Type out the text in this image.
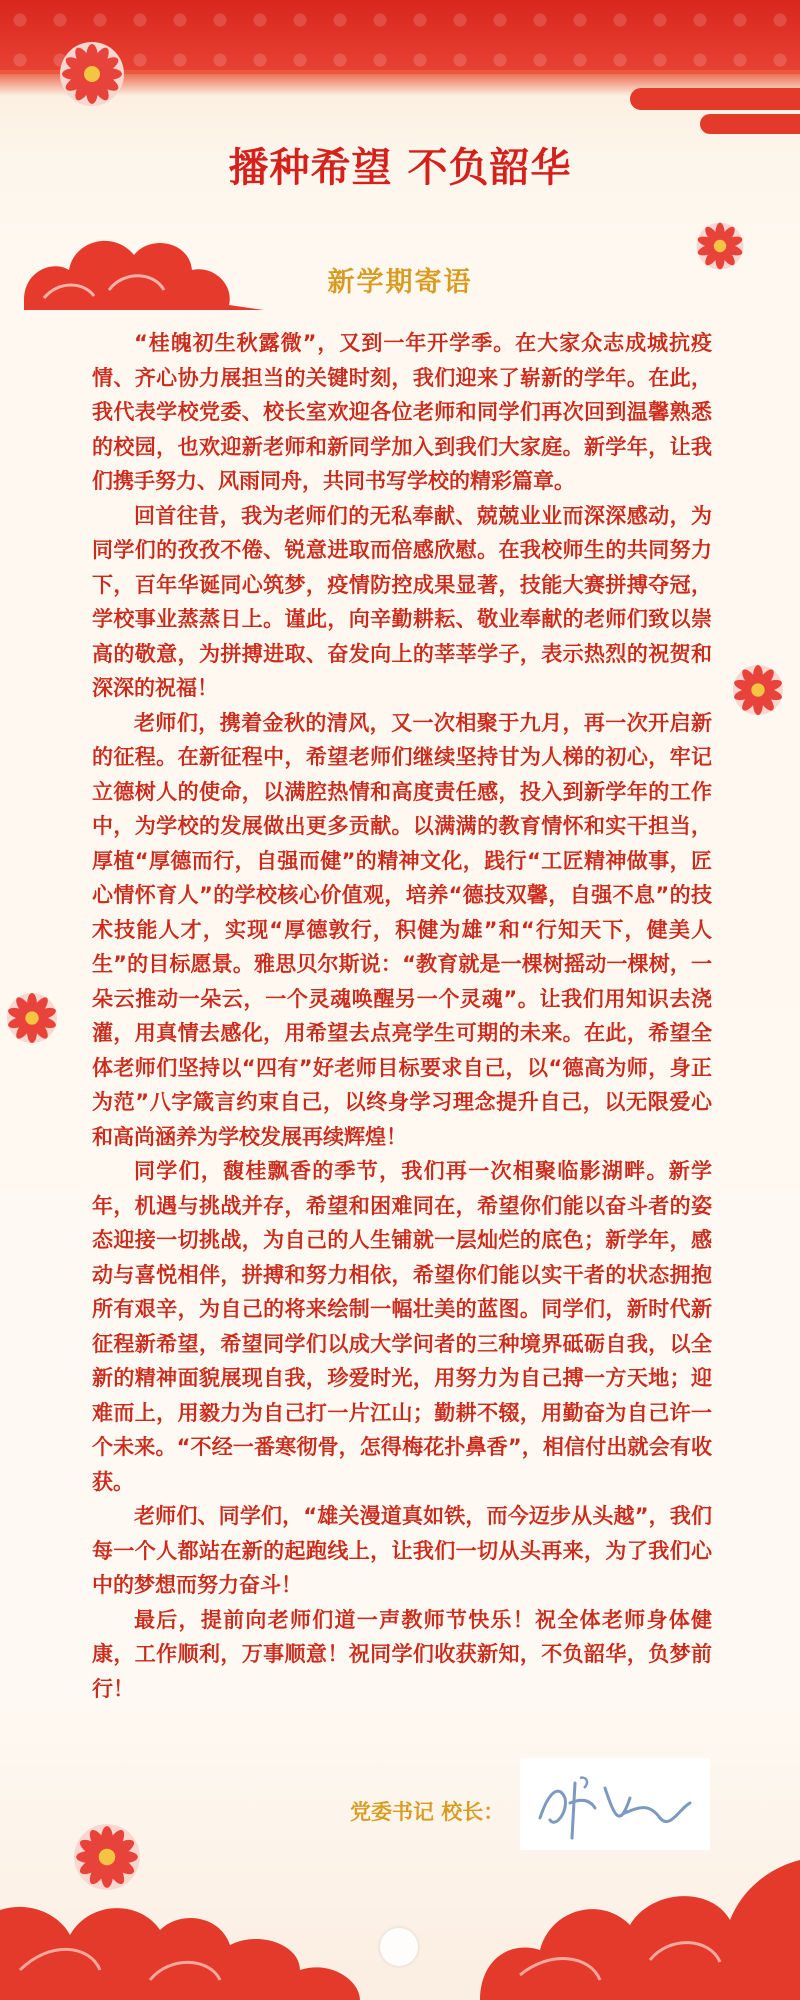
播种希望 不负韶华
新学期寄语

“桂魄初生秋露微”，又到一年开学季。在大家众志成城抗疫情、齐心协力展担当的关键时刻，我们迎来了崭新的学年。在此，我代表学校党委、校长室欢迎各位老师和同学们再次回到温馨熟悉的校园，也欢迎新老师和新同学加入到我们大家庭。新学年，让我们携手努力、风雨同舟，共同书写学校的精彩篇章。

回首往昔，我为老师们的无私奉献、兢兢业业而深深感动，为同学们的孜孜不倦、锐意进取而倍感欣慰。在我校师生的共同努力下，百年华诞同心筑梦，疫情防控成果显著，技能大赛拼搏夺冠，学校事业蒸蒸日上。谨此，向辛勤耕耘、敬业奉献的老师们致以崇高的敬意，为拼搏进取、奋发向上的莘莘学子，表示热烈的祝贺和深深的祝福！

老师们，携着金秋的清风，又一次相聚于九月，再一次开启新的征程。在新征程中，希望老师们继续坚持甘为人梯的初心，牢记立德树人的使命，以满腔热情和高度责任感，投入到新学年的工作中，为学校的发展做出更多贡献。以满满的教育情怀和实干担当，厚植“厚德而行，自强而健”的精神文化，践行“工匠精神做事，匠心情怀育人”的学校核心价值观，培养“德技双馨，自强不息”的技术技能人才，实现“厚德敦行，积健为雄”和“行知天下，健美人生”的目标愿景。雅思贝尔斯说：“教育就是一棵树摇动一棵树，一朵云推动一朵云，一个灵魂唤醒另一个灵魂”。让我们用知识去浇灌，用真情去感化，用希望去点亮学生可期的未来。在此，希望全体老师们坚持以“四有”好老师目标要求自己，以“德高为师，身正为范”八字箴言约束自己，以终身学习理念提升自己，以无限爱心和高尚涵养为学校发展再续辉煌！

同学们，馥桂飘香的季节，我们再一次相聚临影湖畔。新学年，机遇与挑战并存，希望和困难同在，希望你们能以奋斗者的姿态迎接一切挑战，为自己的人生铺就一层灿烂的底色；新学年，感动与喜悦相伴，拼搏和努力相依，希望你们能以实干者的状态拥抱所有艰辛，为自己的将来绘制一幅壮美的蓝图。同学们，新时代新征程新希望，希望同学们以成大学问者的三种境界砥砺自我，以全新的精神面貌展现自我，珍爱时光，用努力为自己搏一方天地；迎难而上，用毅力为自己打一片江山；勤耕不辍，用勤奋为自己许一个未来。“不经一番寒彻骨，怎得梅花扑鼻香”，相信付出就会有收获。

老师们、同学们，“雄关漫道真如铁，而今迈步从头越”，我们每一个人都站在新的起跑线上，让我们一切从头再来，为了我们心中的梦想而努力奋斗！

最后，提前向老师们道一声教师节快乐！祝全体老师身体健康，工作顺利，万事顺意！祝同学们收获新知，不负韶华，负梦前行！

党委书记 校长：
